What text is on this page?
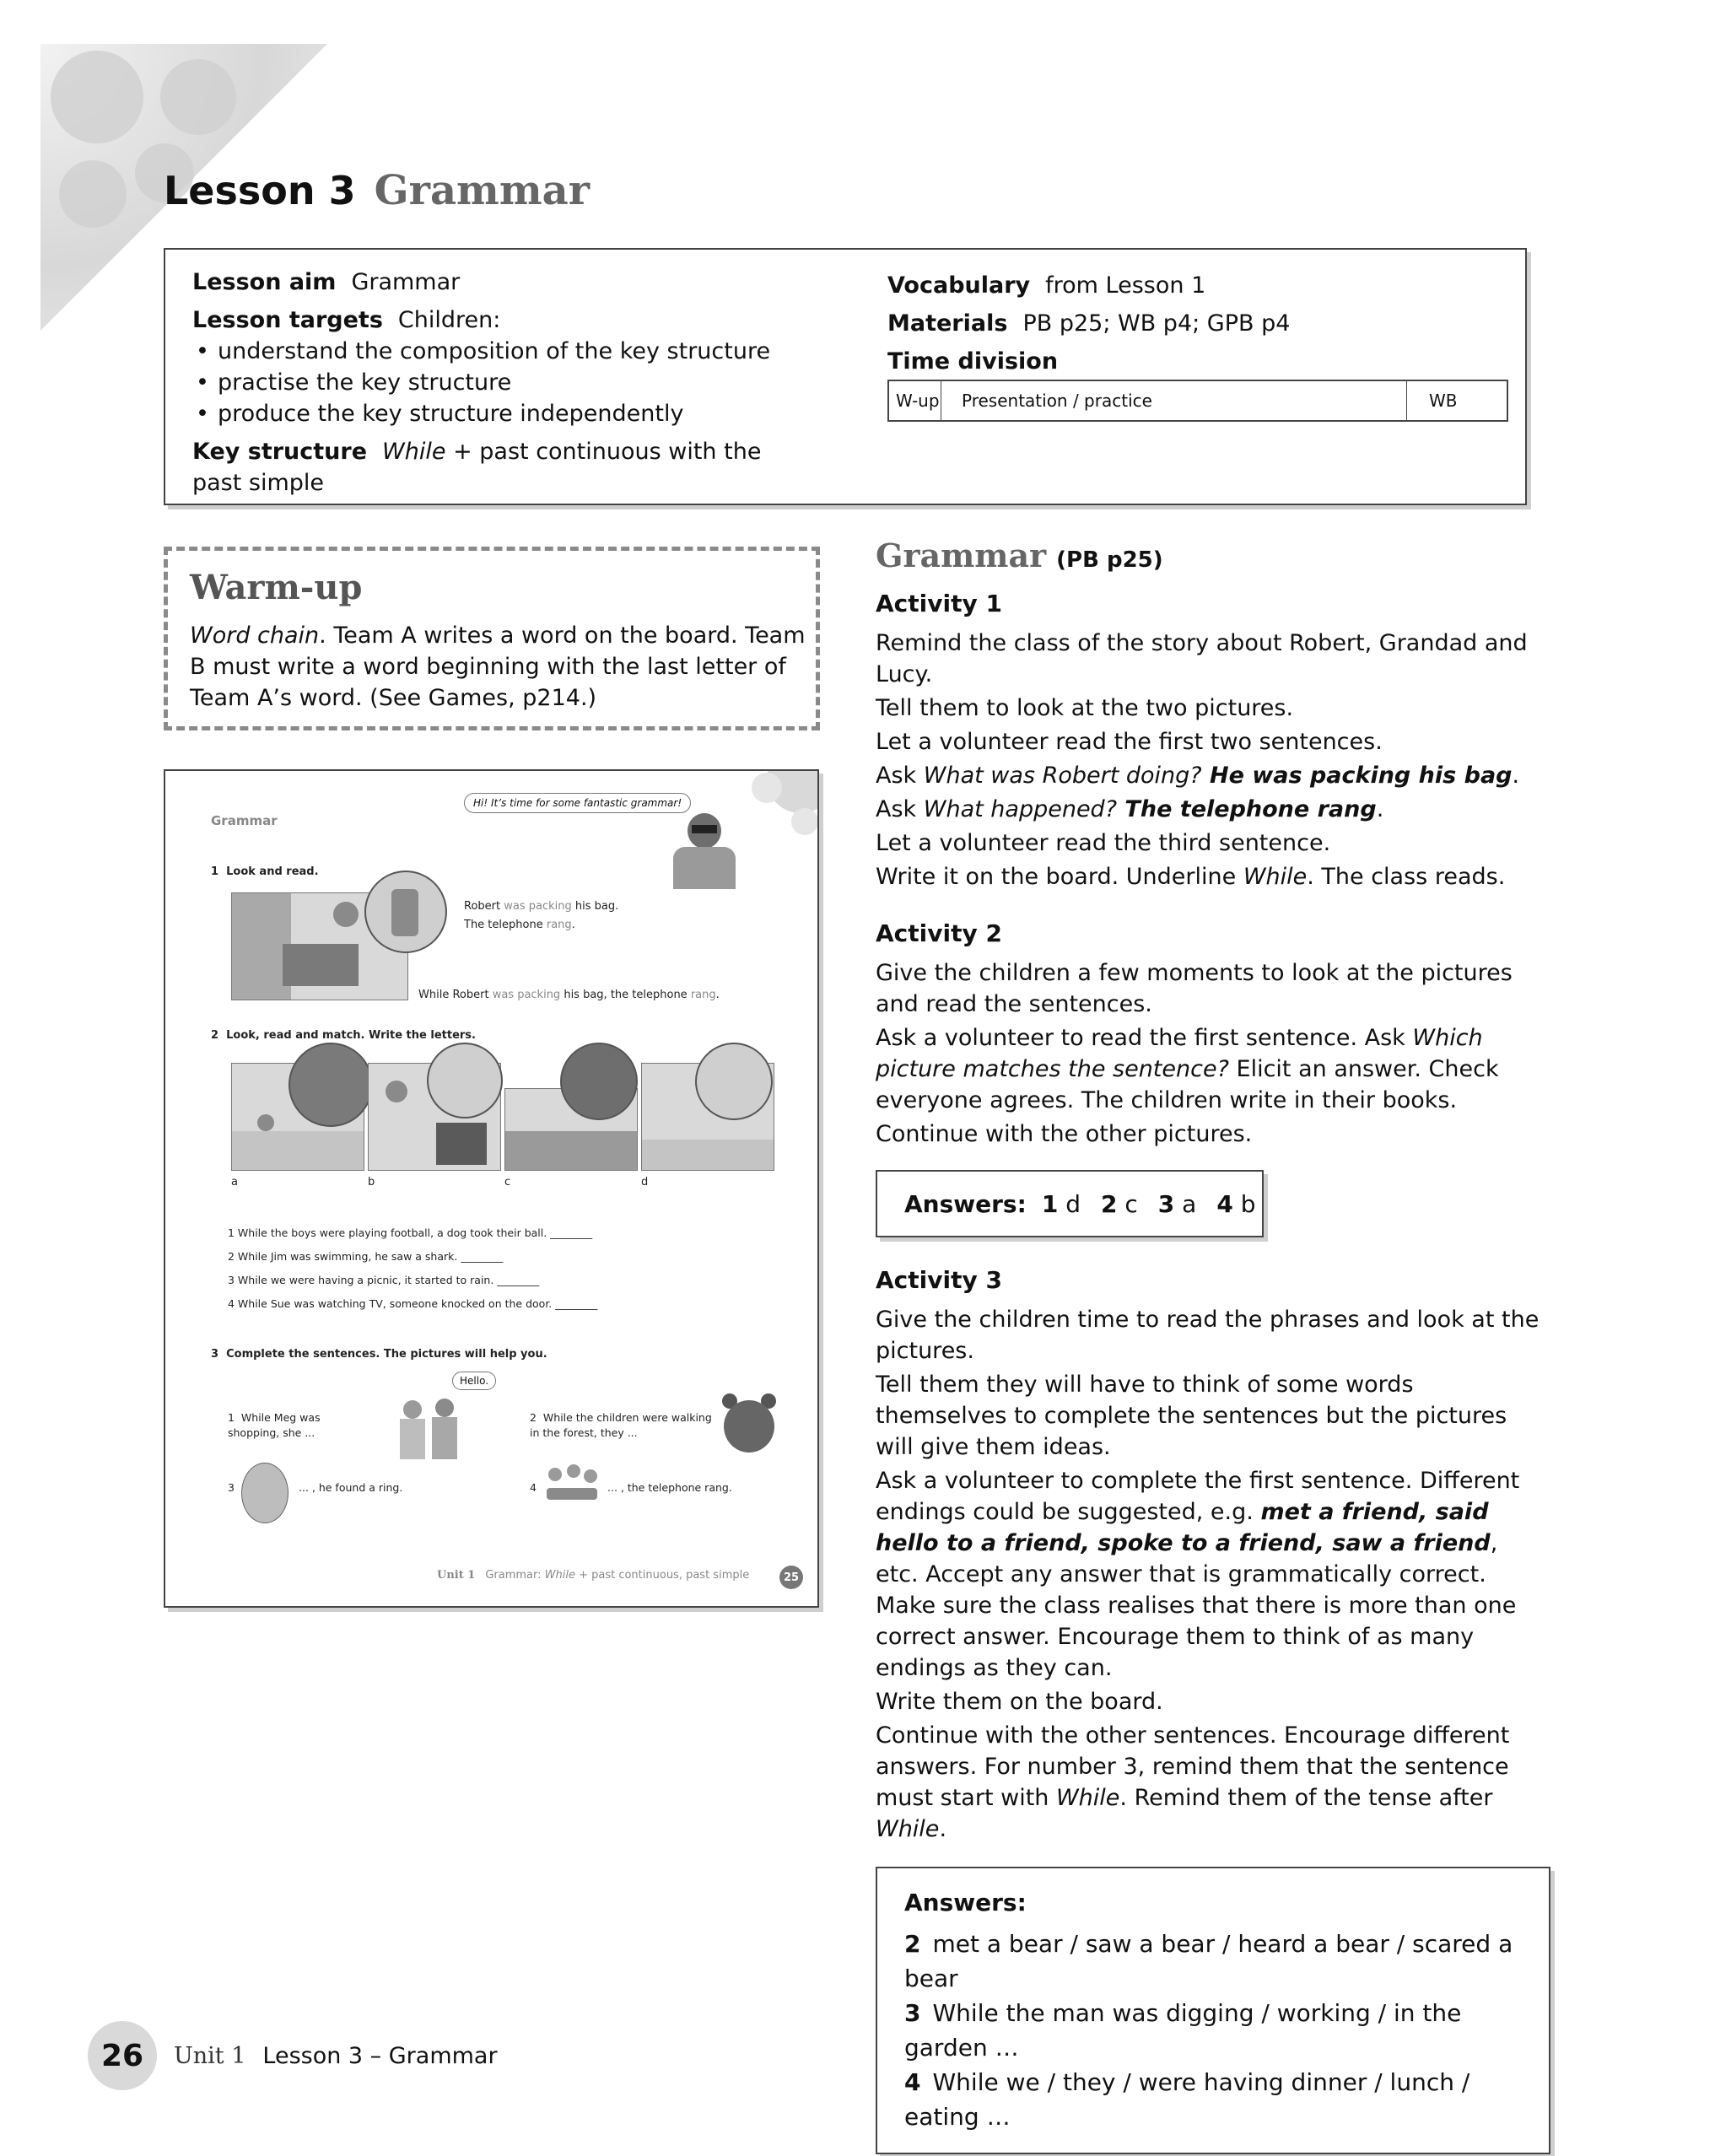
Lesson 3 Grammar
Lesson aim Grammar
Lesson targets Children:
• understand the composition of the key structure
• practise the key structure
• produce the key structure independently
Key structure While + past continuous with the past simple
Vocabulary from Lesson 1
Materials PB p25; WB p4; GPB p4
Time division
W-up	Presentation / practice	WB
Warm-up

Word chain. Team A writes a word on the board. Team B must write a word beginning with the last letter of Team A’s word. (See Games, p214.)

Grammar
Hi! It’s time for some fantastic grammar!
1 Look and read.
Robert was packing his bag.
The telephone rang.
While Robert was packing his bag, the telephone rang.
2 Look, read and match. Write the letters.
a	b	c	d
1 While the boys were playing football, a dog took their ball. ________
2 While Jim was swimming, he saw a shark. ________
3 While we were having a picnic, it started to rain. ________
4 While Sue was watching TV, someone knocked on the door. ________
3 Complete the sentences. The pictures will help you.
Hello.
1 While Meg was shopping, she ...
2 While the children were walking in the forest, they ...
3	... , he found a ring.	4	... , the telephone rang.
Unit 1 Grammar: While + past continuous, past simple	25
Grammar (PB p25)
Activity 1

Remind the class of the story about Robert, Grandad and Lucy.

Tell them to look at the two pictures.

Let a volunteer read the first two sentences.

Ask What was Robert doing? He was packing his bag.

Ask What happened? The telephone rang.

Let a volunteer read the third sentence.

Write it on the board. Underline While. The class reads.

Activity 2

Give the children a few moments to look at the pictures and read the sentences.

Ask a volunteer to read the first sentence. Ask Which picture matches the sentence? Elicit an answer. Check everyone agrees. The children write in their books.

Continue with the other pictures.

Answers: 1
d 2
c 3
a 4
b
Activity 3

Give the children time to read the phrases and look at the pictures.

Tell them they will have to think of some words themselves to complete the sentences but the pictures will give them ideas.

Ask a volunteer to complete the first sentence. Different endings could be suggested, e.g. met a friend, said hello to a friend, spoke to a friend, saw a friend, etc. Accept any answer that is grammatically correct. Make sure the class realises that there is more than one correct answer. Encourage them to think of as many endings as they can.

Write them on the board.

Continue with the other sentences. Encourage different answers. For number 3, remind them that the sentence must start with While. Remind them of the tense after While.

Answers:
2 met a bear / saw a bear / heard a bear / scared a bear
3 While the man was digging / working / in the garden …
4 While we / they / were having dinner / lunch / eating …
26	Unit 1 Lesson 3 – Grammar
